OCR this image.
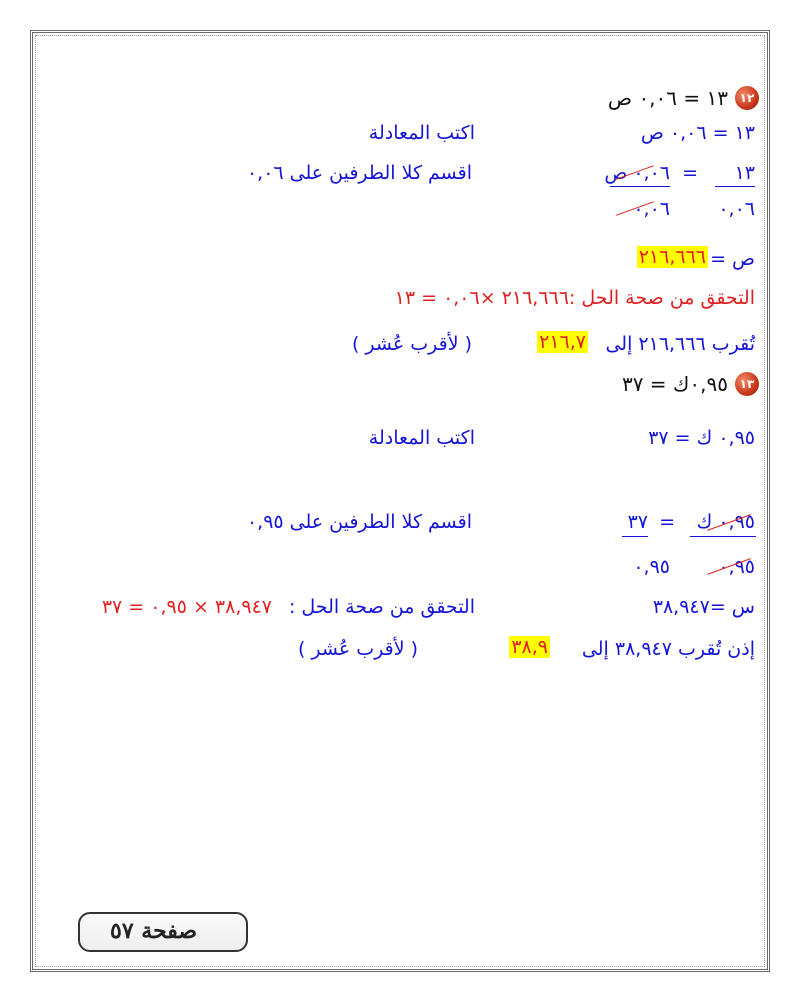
١٢
١٣ = ٠,٠٦ ص
١٣ = ٠,٠٦ ص
اكتب المعادلة
١٣
=
٠,٠٦ ص
٠,٠٦
٠,٠٦
اقسم كلا الطرفين على ٠,٠٦
ص =
٢١٦,٦٦٦
التحقق من صحة الحل :٢١٦,٦٦٦ ×٠,٠٦ = ١٣
تُقرب ٢١٦,٦٦٦ إلى
٢١٦,٧
( لأقرب عُشر )
١٣
٠,٩٥ك = ٣٧
٠,٩٥ ك = ٣٧
اكتب المعادلة
٠,٩٥ ك
=
٣٧
٠,٩٥
٠,٩٥
اقسم كلا الطرفين على ٠,٩٥
س =٣٨,٩٤٧
التحقق من صحة الحل :
٣٨,٩٤٧ × ٠,٩٥ = ٣٧
إذن تُقرب ٣٨,٩٤٧ إلى
٣٨,٩
( لأقرب عُشر )
صفحة ٥٧
